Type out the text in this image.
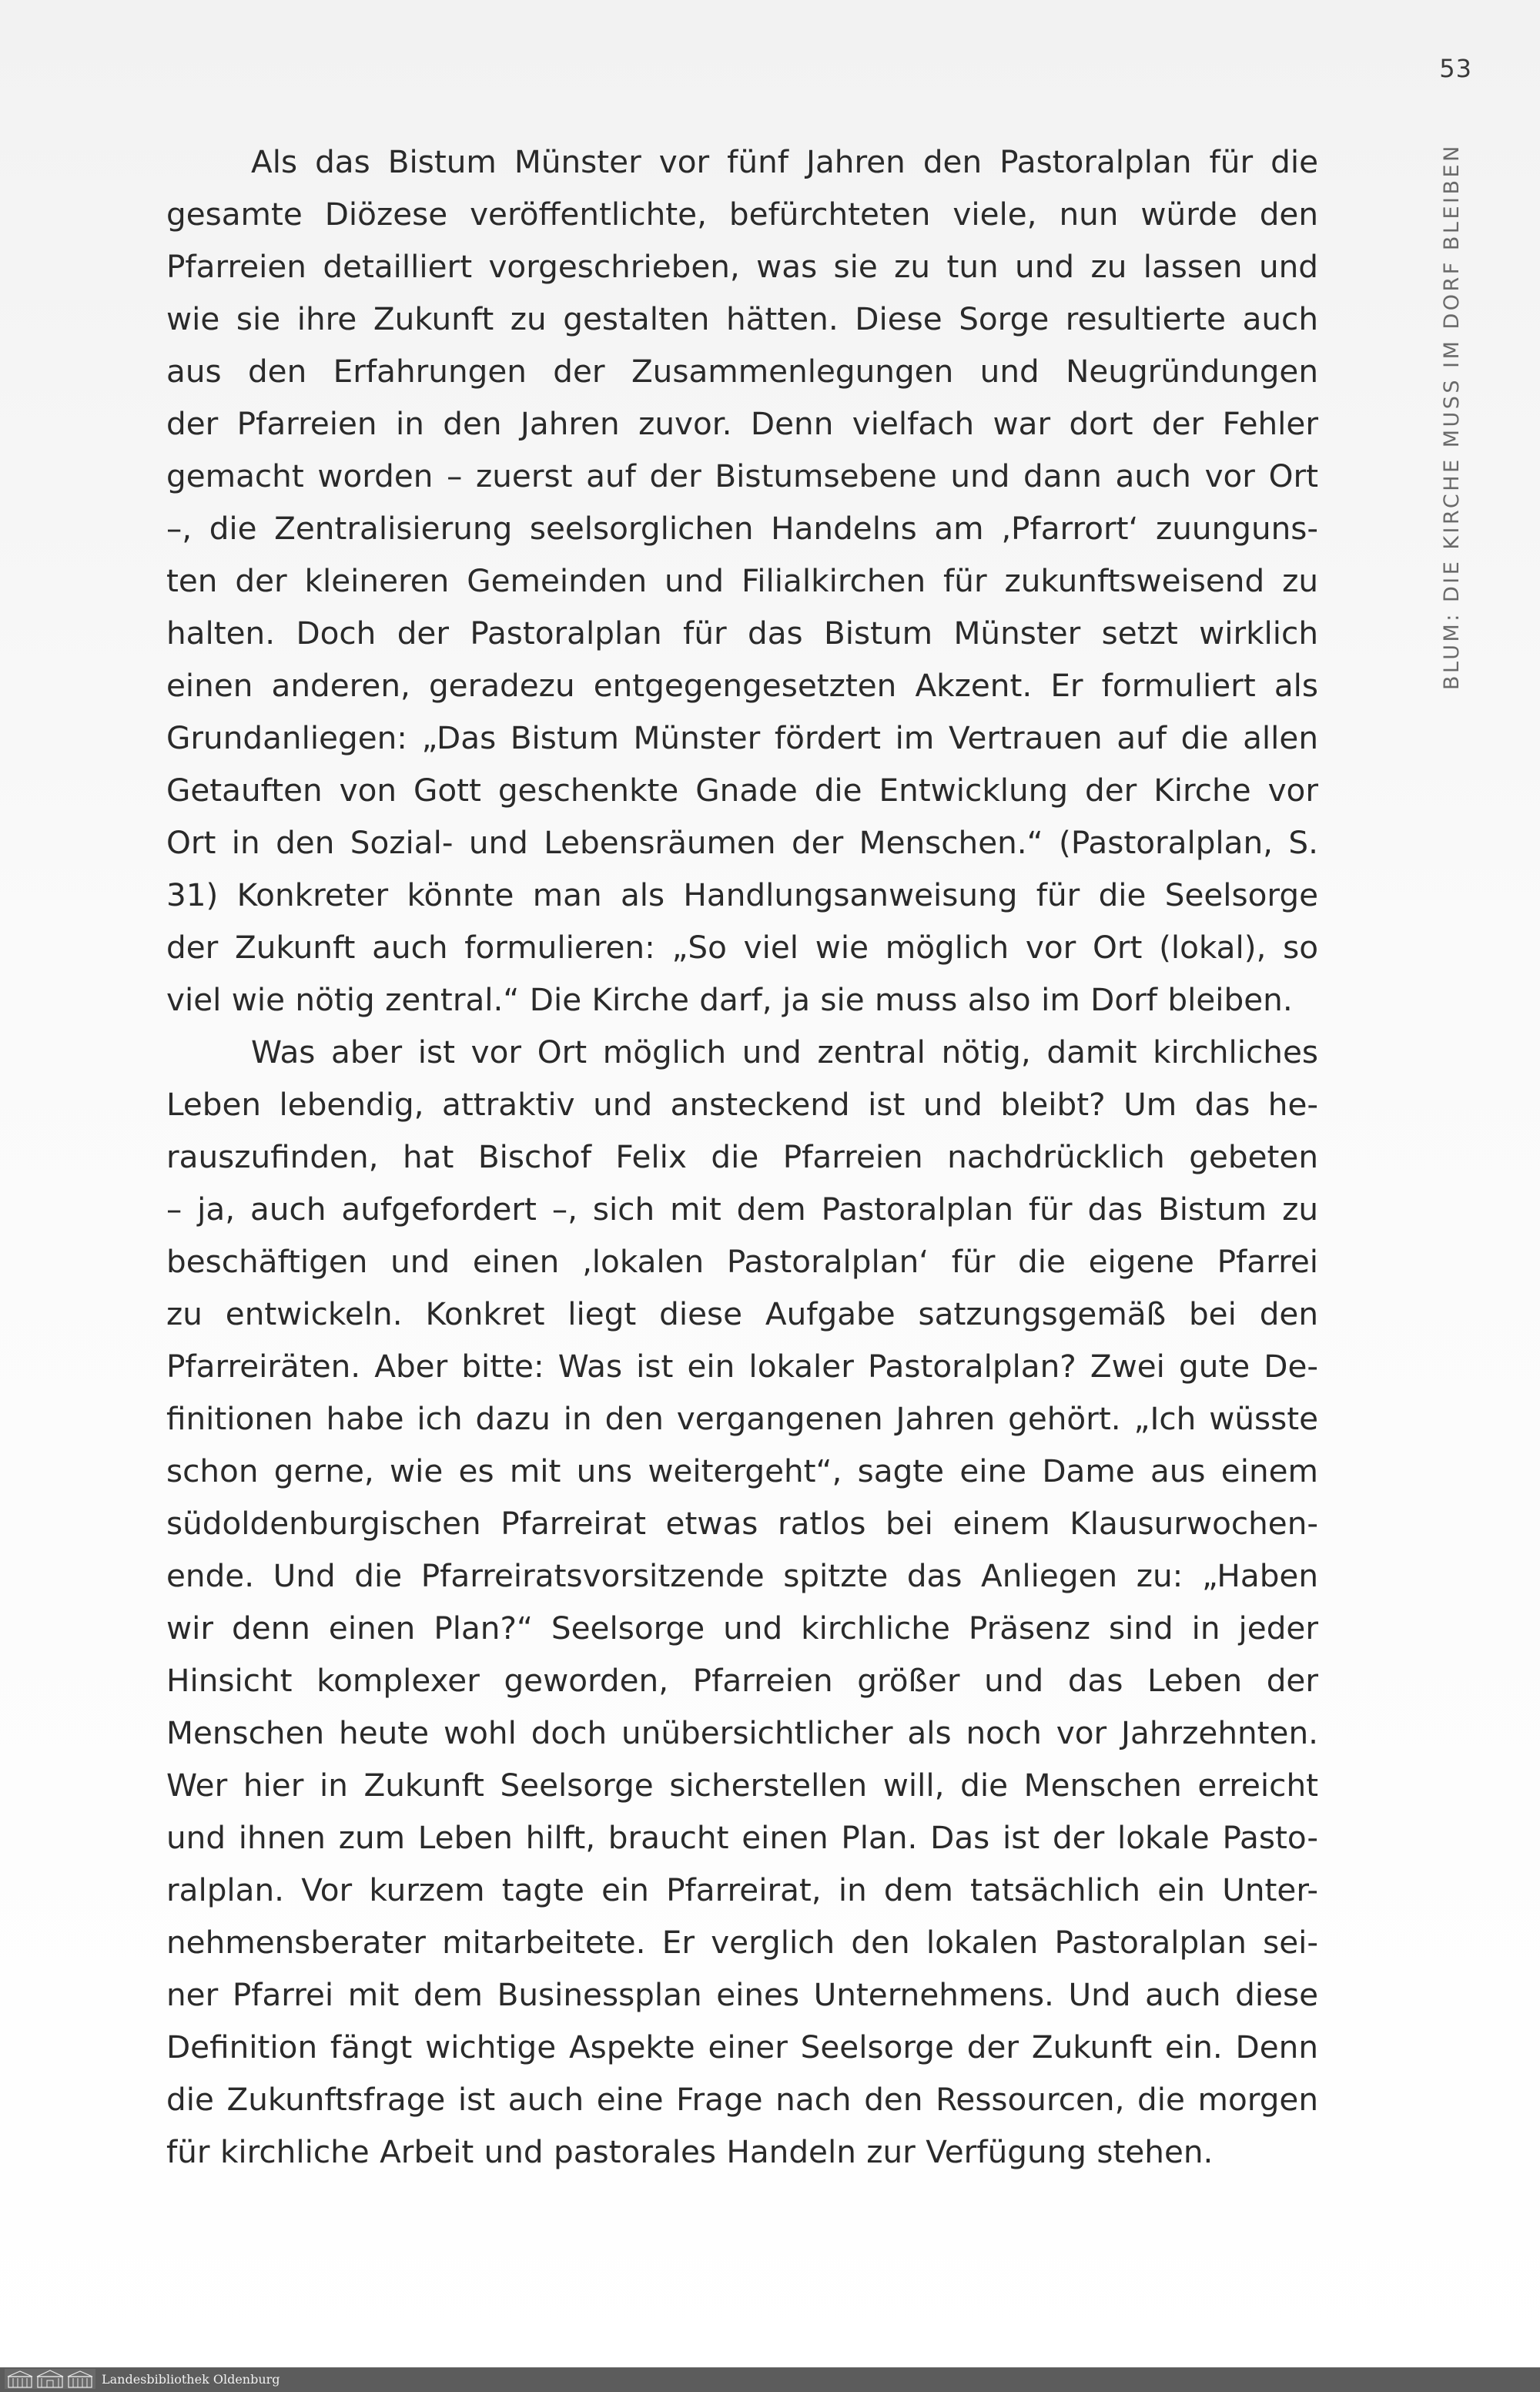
53
BLUM: DIE KIRCHE MUSS IM DORF BLEIBEN
Als das Bistum Münster vor fünf Jahren den Pastoralplan für die
gesamte Diözese veröffentlichte, befürchteten viele, nun würde den
Pfarreien detailliert vorgeschrieben, was sie zu tun und zu lassen und
wie sie ihre Zukunft zu gestalten hätten. Diese Sorge resultierte auch
aus den Erfahrungen der Zusammenlegungen und Neugründungen
der Pfarreien in den Jahren zuvor. Denn vielfach war dort der Fehler
gemacht worden – zuerst auf der Bistumsebene und dann auch vor Ort
–, die Zentralisierung seelsorglichen Handelns am ‚Pfarrort‘ zuunguns-
ten der kleineren Gemeinden und Filialkirchen für zukunftsweisend zu
halten. Doch der Pastoralplan für das Bistum Münster setzt wirklich
einen anderen, geradezu entgegengesetzten Akzent. Er formuliert als
Grundanliegen: „Das Bistum Münster fördert im Vertrauen auf die allen
Getauften von Gott geschenkte Gnade die Entwicklung der Kirche vor
Ort in den Sozial- und Lebensräumen der Menschen.“ (Pastoralplan, S.
31) Konkreter könnte man als Handlungsanweisung für die Seelsorge
der Zukunft auch formulieren: „So viel wie möglich vor Ort (lokal), so
viel wie nötig zentral.“ Die Kirche darf, ja sie muss also im Dorf bleiben.
Was aber ist vor Ort möglich und zentral nötig, damit kirchliches
Leben lebendig, attraktiv und ansteckend ist und bleibt? Um das he-
rauszufinden, hat Bischof Felix die Pfarreien nachdrücklich gebeten
– ja, auch aufgefordert –, sich mit dem Pastoralplan für das Bistum zu
beschäftigen und einen ‚lokalen Pastoralplan‘ für die eigene Pfarrei
zu entwickeln. Konkret liegt diese Aufgabe satzungsgemäß bei den
Pfarreiräten. Aber bitte: Was ist ein lokaler Pastoralplan? Zwei gute De-
finitionen habe ich dazu in den vergangenen Jahren gehört. „Ich wüsste
schon gerne, wie es mit uns weitergeht“, sagte eine Dame aus einem
südoldenburgischen Pfarreirat etwas ratlos bei einem Klausurwochen-
ende. Und die Pfarreiratsvorsitzende spitzte das Anliegen zu: „Haben
wir denn einen Plan?“ Seelsorge und kirchliche Präsenz sind in jeder
Hinsicht komplexer geworden, Pfarreien größer und das Leben der
Menschen heute wohl doch unübersichtlicher als noch vor Jahrzehnten.
Wer hier in Zukunft Seelsorge sicherstellen will, die Menschen erreicht
und ihnen zum Leben hilft, braucht einen Plan. Das ist der lokale Pasto-
ralplan. Vor kurzem tagte ein Pfarreirat, in dem tatsächlich ein Unter-
nehmensberater mitarbeitete. Er verglich den lokalen Pastoralplan sei-
ner Pfarrei mit dem Businessplan eines Unternehmens. Und auch diese
Definition fängt wichtige Aspekte einer Seelsorge der Zukunft ein. Denn
die Zukunftsfrage ist auch eine Frage nach den Ressourcen, die morgen
für kirchliche Arbeit und pastorales Handeln zur Verfügung stehen.
Landesbibliothek Oldenburg
